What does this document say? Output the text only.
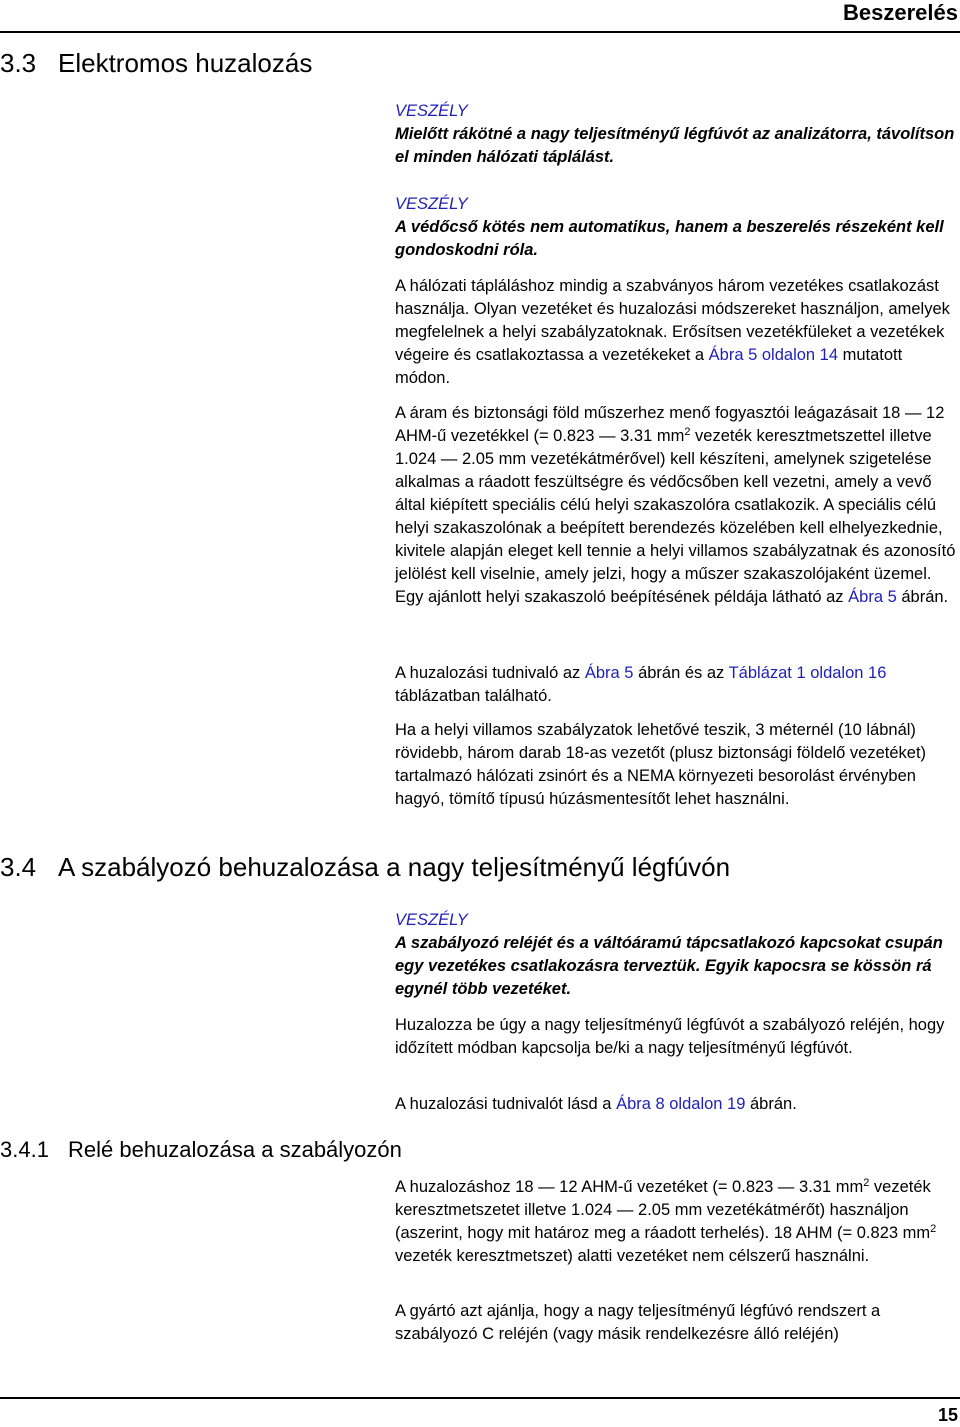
Beszerelés
3.3 Elektromos huzalozás

VESZÉLY

Mielőtt rákötné a nagy teljesítményű légfúvót az analizátorra, távolítson el minden hálózati táplálást.

VESZÉLY

A védőcső kötés nem automatikus, hanem a beszerelés részeként kell gondoskodni róla.

A hálózati tápláláshoz mindig a szabványos három vezetékes csatlakozást használja. Olyan vezetéket és huzalozási módszereket használjon, amelyek megfelelnek a helyi szabályzatoknak. Erősítsen vezetékfüleket a vezetékek végeire és csatlakoztassa a vezetékeket a Ábra 5 oldalon 14 mutatott módon.

A áram és biztonsági föld műszerhez menő fogyasztói leágazásait 18 — 12 AHM-ű vezetékkel (= 0.823 — 3.31 $mm^2$ vezeték keresztmetszettel illetve 1.024 — 2.05 mm vezetékátmérővel) kell készíteni, amelynek szigetelése alkalmas a ráadott feszültségre és védőcsőben kell vezetni, amely a vevő által kiépített speciális célú helyi szakaszolóra csatlakozik. A speciális célú helyi szakaszolónak a beépített berendezés közelében kell elhelyezkednie, kivitele alapján eleget kell tennie a helyi villamos szabályzatnak és azonosító jelölést kell viselnie, amely jelzi, hogy a műszer szakaszolójaként üzemel. Egy ajánlott helyi szakaszoló beépítésének példája látható az Ábra 5 ábrán.

A huzalozási tudnivaló az Ábra 5 ábrán és az Táblázat 1 oldalon 16 táblázatban található.

Ha a helyi villamos szabályzatok lehetővé teszik, 3 méternél (10 lábnál) rövidebb, három darab 18-as vezetőt (plusz biztonsági földelő vezetéket) tartalmazó hálózati zsinórt és a NEMA környezeti besorolást érvényben hagyó, tömítő típusú húzásmentesítőt lehet használni.

3.4 A szabályozó behuzalozása a nagy teljesítményű légfúvón

VESZÉLY

A szabályozó reléjét és a váltóáramú tápcsatlakozó kapcsokat csupán egy vezetékes csatlakozásra terveztük. Egyik kapocsra se kössön rá egynél több vezetéket.

Huzalozza be úgy a nagy teljesítményű légfúvót a szabályozó reléjén, hogy időzített módban kapcsolja be/ki a nagy teljesítményű légfúvót.

A huzalozási tudnivalót lásd a Ábra 8 oldalon 19 ábrán.

3.4.1 Relé behuzalozása a szabályozón

A huzalozáshoz 18 — 12 AHM-ű vezetéket (= 0.823 — 3.31 $mm^2$ vezeték keresztmetszetet illetve 1.024 — 2.05 mm vezetékátmérőt) használjon (aszerint, hogy mit határoz meg a ráadott terhelés). 18 AHM (= 0.823 $mm^2$ vezeték keresztmetszet) alatti vezetéket nem célszerű használni.

A gyártó azt ajánlja, hogy a nagy teljesítményű légfúvó rendszert a szabályozó C reléjén (vagy másik rendelkezésre álló reléjén)

15
